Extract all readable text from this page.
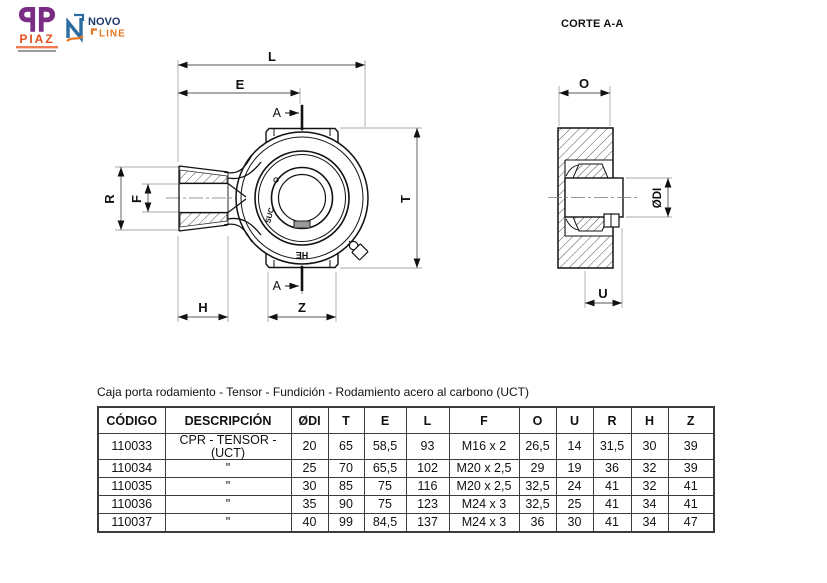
PIAZ
NOVO
LINE
CORTE A-A
L
E
R F	T
H	Z
A
A
SUC
HE
O
ØDI
U
Caja porta rodamiento - Tensor - Fundición - Rodamiento acero al carbono (UCT)
CÓDIGO	DESCRIPCIÓN	ØDI	T	E	L	F	O	U	R	H	Z
110033	CPR - TENSOR - (UCT)	20	65	58,5	93	M16 x 2	26,5	14	31,5	30	39
110034	"	25	70	65,5	102	M20 x 2,5	29	19	36	32	39
110035	"	30	85	75	116	M20 x 2,5	32,5	24	41	32	41
110036	"	35	90	75	123	M24 x 3	32,5	25	41	34	41
110037	"	40	99	84,5	137	M24 x 3	36	30	41	34	47
